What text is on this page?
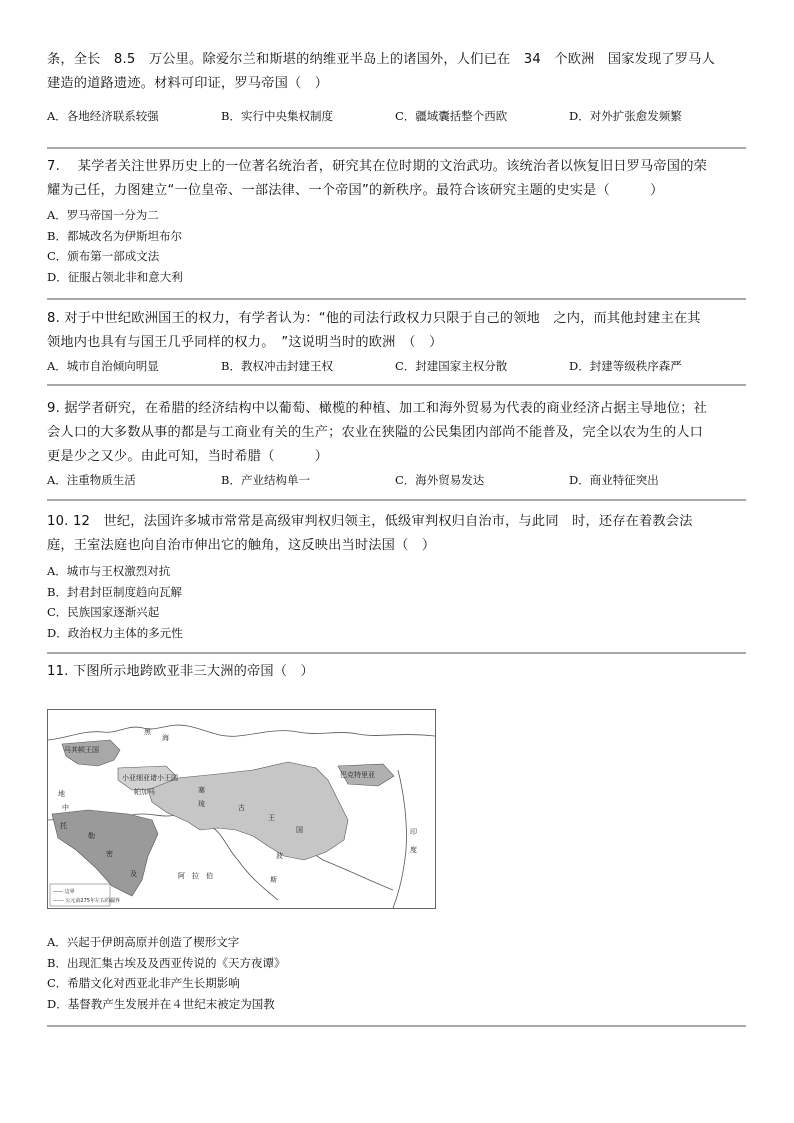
条，全长　8.5　万公里。除爱尔兰和斯堪的纳维亚半岛上的诸国外，人们已在　34　个欧洲　国家发现了罗马人
建造的道路遗迹。材料可印证，罗马帝国（　）

A．各地经济联系较强	B．实行中央集权制度	C．疆域囊括整个西欧	D．对外扩张愈发频繁

7.　 某学者关注世界历史上的一位著名统治者，研究其在位时期的文治武功。该统治者以恢复旧日罗马帝国的荣
耀为己任，力图建立“一位皇帝、一部法律、一个帝国”的新秩序。最符合该研究主题的史实是（　　　）

A．罗马帝国一分为二
B．都城改名为伊斯坦布尔
C．颁布第一部成文法
D．征服占领北非和意大利

8. 对于中世纪欧洲国王的权力，有学者认为：“他的司法行政权力只限于自己的领地　之内，而其他封建主在其
领地内也具有与国王几乎同样的权力。　”这说明当时的欧洲　（　）

A．城市自治倾向明显	B．教权冲击封建王权	C．封建国家主权分散	D．封建等级秩序森严

9. 据学者研究，在希腊的经济结构中以葡萄、橄榄的种植、加工和海外贸易为代表的商业经济占据主导地位；社
会人口的大多数从事的都是与工商业有关的生产；农业在狭隘的公民集团内部尚不能普及，完全以农为生的人口
更是少之又少。由此可知，当时希腊（　　　）

A．注重物质生活	B．产业结构单一	C．海外贸易发达	D．商业特征突出

10. 12　世纪，法国许多城市常常是高级审判权归领主，低级审判权归自治市，与此同　时，还存在着教会法
庭，王室法庭也向自治市伸出它的触角，这反映出当时法国（　）

A．城市与王权激烈对抗
B．封君封臣制度趋向瓦解
C．民族国家逐渐兴起
D．政治权力主体的多元性

11. 下图所示地跨欧亚非三大洲的帝国（　）

马其顿王国
小亚细亚诸小王国
帕加马	塞
琉	古
王
国
巴克特里亚
托
勒
密
及	阿　拉　伯
波
斯
印
度
黑
海
地
中
—— 边界
------ 公元前275年左右的疆界
A．兴起于伊朗高原并创造了楔形文字
B．出现汇集古埃及及西亚传说的《天方夜谭》
C．希腊文化对西亚北非产生长期影响
D．基督教产生发展并在４世纪末被定为国教
